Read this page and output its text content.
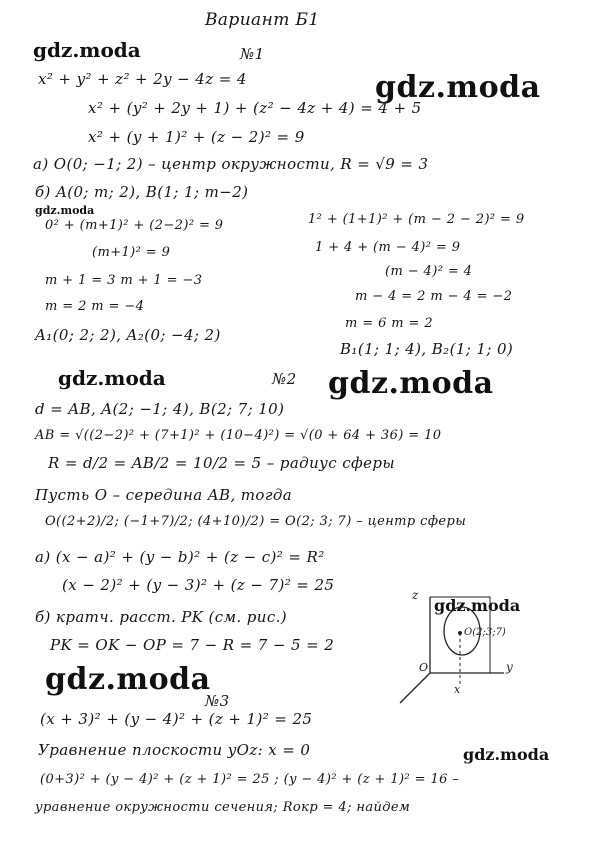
Вариант Б1
gdz.moda
gdz.moda
gdz.moda
gdz.moda	gdz.moda
gdz.moda
gdz.moda
gdz.moda
№1
x² + y² + z² + 2y − 4z = 4
x² + (y² + 2y + 1) + (z² − 4z + 4) = 4 + 5
x² + (y + 1)² + (z − 2)² = 9
а) O(0; −1; 2) – центр окружности, R = √9 = 3
б) A(0; m; 2), B(1; 1; m−2)
0² + (m+1)² + (2−2)² = 9
(m+1)² = 9
m + 1 = 3 m + 1 = −3
m = 2 m = −4
A₁(0; 2; 2), A₂(0; −4; 2)
1² + (1+1)² + (m − 2 − 2)² = 9
1 + 4 + (m − 4)² = 9
(m − 4)² = 4
m − 4 = 2 m − 4 = −2
m = 6 m = 2
B₁(1; 1; 4), B₂(1; 1; 0)
№2
d = AB, A(2; −1; 4), B(2; 7; 10)
AB = √((2−2)² + (7+1)² + (10−4)²) = √(0 + 64 + 36) = 10
R = d/2 = AB/2 = 10/2 = 5 – радиус сферы
Пусть O – середина AB, тогда
O((2+2)/2; (−1+7)/2; (4+10)/2) = O(2; 3; 7) – центр сферы
а) (x − a)² + (y − b)² + (z − c)² = R²
(x − 2)² + (y − 3)² + (z − 7)² = 25
б) кратч. расст. PK (см. рис.)
PK = OK − OP = 7 − R = 7 − 5 = 2
z
y
x
O
O(2;3;7)
№3
(x + 3)² + (y − 4)² + (z + 1)² = 25
Уравнение плоскости yOz: x = 0
(0+3)² + (y − 4)² + (z + 1)² = 25 ; (y − 4)² + (z + 1)² = 16 –
уравнение окружности сечения; Rокр = 4; найдем
